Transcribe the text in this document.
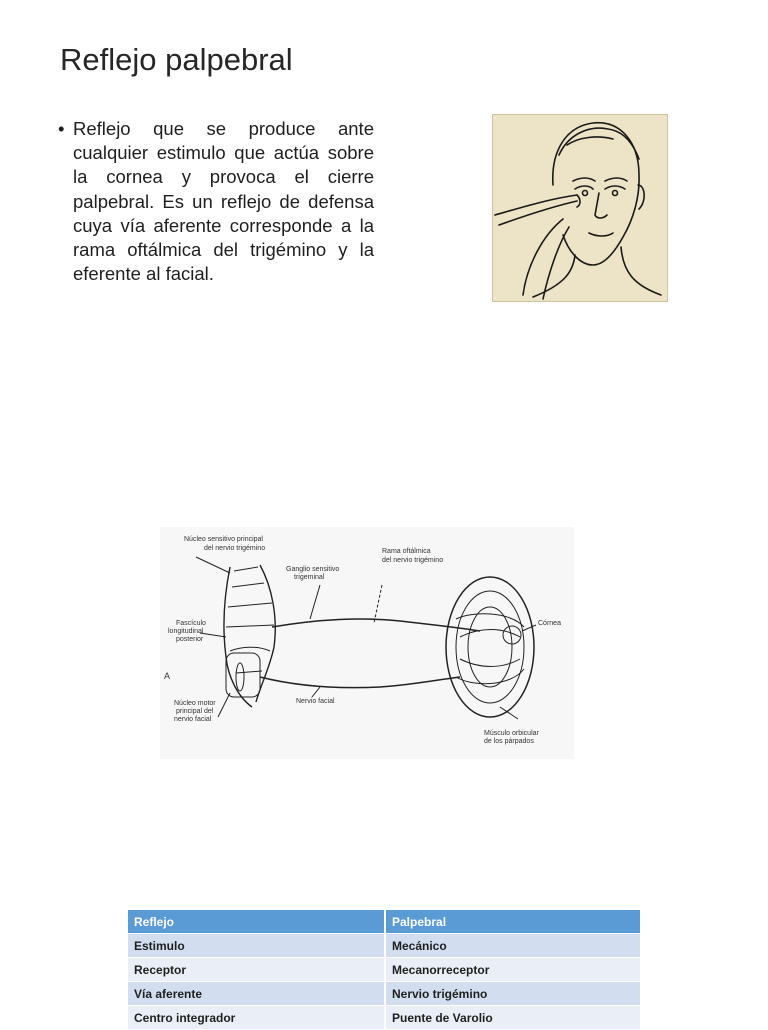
Reflejo palpebral
• Reflejo que se produce ante cualquier estimulo que actúa sobre la cornea y provoca el cierre palpebral. Es un reflejo de defensa cuya vía aferente corresponde a la rama oftálmica del trigémino y la eferente al facial.
Núcleo sensitivo principal
del nervio trigémino
Ganglio sensitivo
trigeminal
Rama oftálmica
del nervio trigémino
Fascículo
longitudinal
posterior
Córnea
A
Núcleo motor
principal del
nervio facial
Nervio facial
Músculo orbicular
de los párpados
Reflejo	Palpebral
Estimulo	Mecánico
Receptor	Mecanorreceptor
Vía aferente	Nervio trigémino
Centro integrador	Puente de Varolio
